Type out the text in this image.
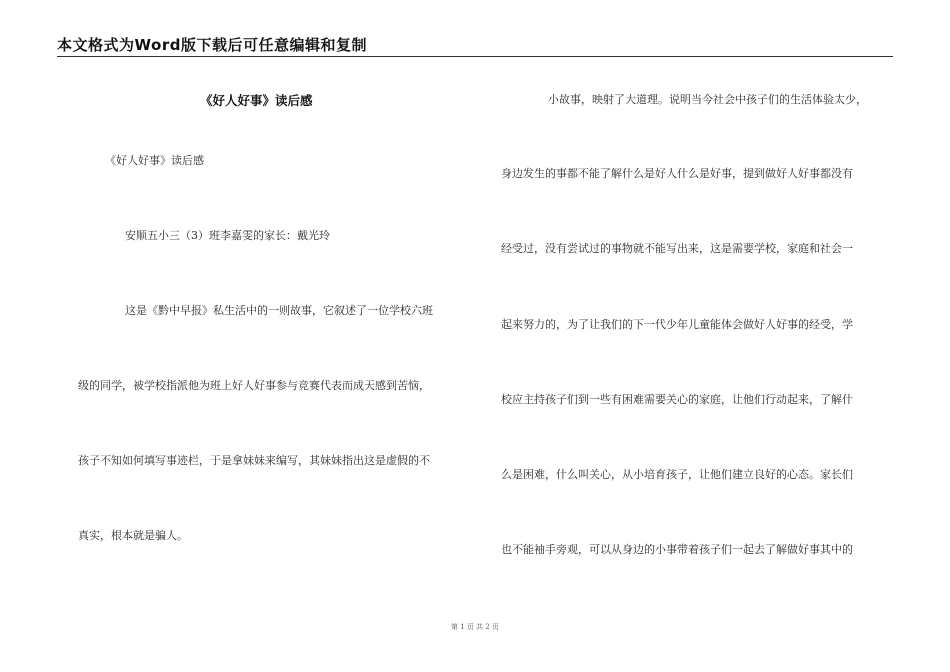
本文格式为Word版下载后可任意编辑和复制
《好人好事》读后感
《好人好事》读后感
安顺五小三（3）班李嘉雯的家长：戴光玲
这是《黔中早报》私生活中的一则故事，它叙述了一位学校六班
级的同学，被学校指派他为班上好人好事参与竞赛代表而成天感到苦恼，
孩子不知如何填写事迹栏，于是拿妹妹来编写，其妹妹指出这是虚假的不
真实，根本就是骗人。
小故事，映射了大道理。说明当今社会中孩子们的生活体验太少，
身边发生的事都不能了解什么是好人什么是好事，提到做好人好事都没有
经受过，没有尝试过的事物就不能写出来，这是需要学校，家庭和社会一
起来努力的，为了让我们的下一代少年儿童能体会做好人好事的经受，学
校应主持孩子们到一些有困难需要关心的家庭，让他们行动起来，了解什
么是困难，什么叫关心，从小培育孩子，让他们建立良好的心态。家长们
也不能袖手旁观，可以从身边的小事带着孩子们一起去了解做好事其中的
第 1 页 共 2 页
